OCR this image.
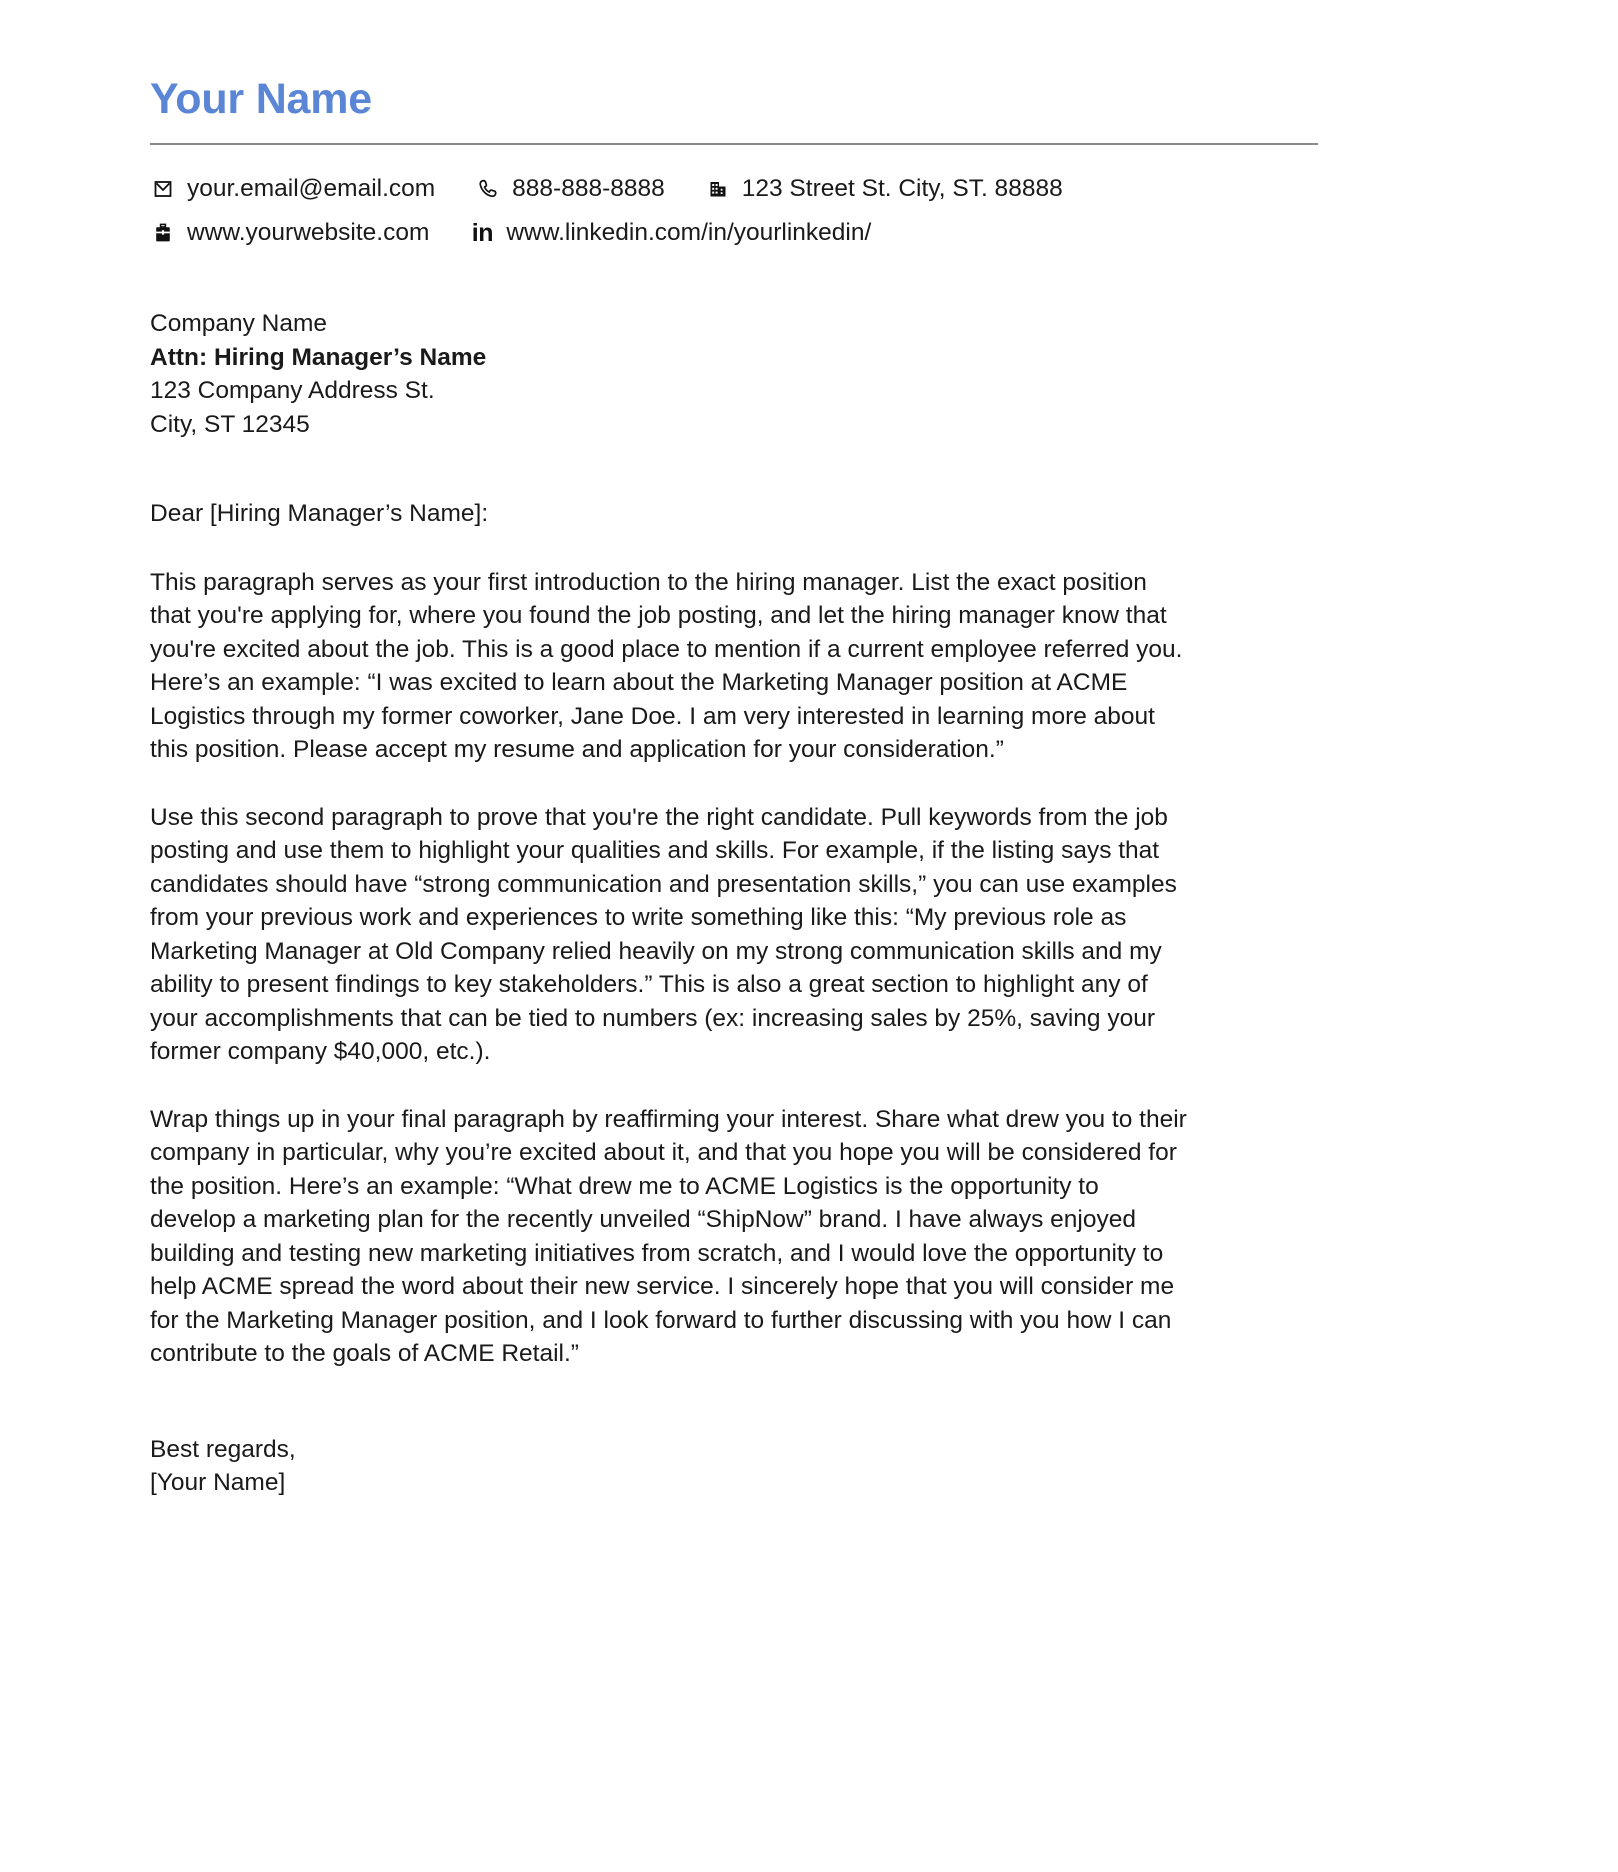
Your Name
your.email@email.com	888-888-8888	123 Street St. City, ST. 88888
www.yourwebsite.com in www.linkedin.com/in/yourlinkedin/
Company Name
Attn: Hiring Manager’s Name
123 Company Address St.
City, ST 12345
Dear [Hiring Manager’s Name]:

This paragraph serves as your first introduction to the hiring manager. List the exact position that you're applying for, where you found the job posting, and let the hiring manager know that you're excited about the job. This is a good place to mention if a current employee referred you. Here’s an example: “I was excited to learn about the Marketing Manager position at ACME Logistics through my former coworker, Jane Doe. I am very interested in learning more about this position. Please accept my resume and application for your consideration.”

Use this second paragraph to prove that you're the right candidate. Pull keywords from the job posting and use them to highlight your qualities and skills. For example, if the listing says that candidates should have “strong communication and presentation skills,” you can use examples from your previous work and experiences to write something like this: “My previous role as Marketing Manager at Old Company relied heavily on my strong communication skills and my ability to present findings to key stakeholders.” This is also a great section to highlight any of your accomplishments that can be tied to numbers (ex: increasing sales by 25%, saving your former company $40,000, etc.).

Wrap things up in your final paragraph by reaffirming your interest. Share what drew you to their company in particular, why you’re excited about it, and that you hope you will be considered for the position. Here’s an example: “What drew me to ACME Logistics is the opportunity to develop a marketing plan for the recently unveiled “ShipNow” brand. I have always enjoyed building and testing new marketing initiatives from scratch, and I would love the opportunity to help ACME spread the word about their new service. I sincerely hope that you will consider me for the Marketing Manager position, and I look forward to further discussing with you how I can contribute to the goals of ACME Retail.”

Best regards,
[Your Name]
